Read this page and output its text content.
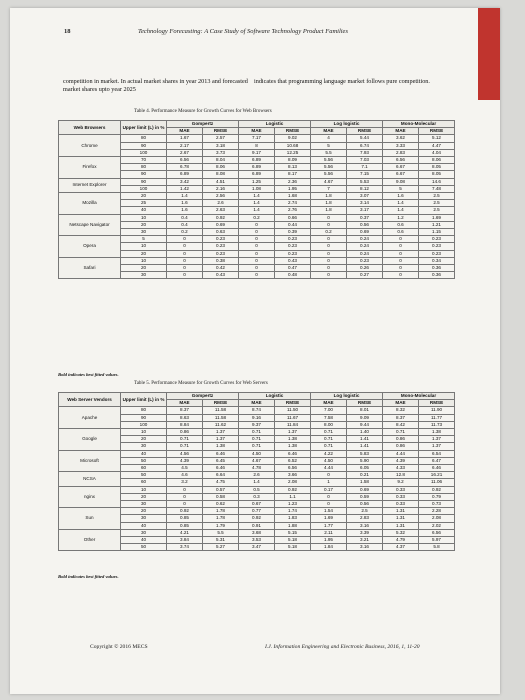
18	Technology Forecasting: A Case Study of Software Technology Product Families
competition in market. In actual market shares in year 2013 and forecasted market shares upto year 2025
indicates that programming language market follows pure competition.
Table 4. Performance Measure for Growth Curves for Web Browsers
Web Browsers	Upper limit (L) in %	Gompertz		Logistic		Log logistic		Mono-Molecular	
		MAE	RMSE	MAE	RMSE	MAE	RMSE	MAE	RMSE
Chrome	80	1.67	2.57	7.17	9.02	4	5.44	3.62	5.12
	90	2.17	3.18	8	10.68	5	6.74	3.33	4.47
	100	2.67	3.73	9.17	12.25	5.5	7.93	2.83	4.04
Firefox	70	6.56	8.04	6.89	8.09	5.56	7.03	6.56	8.06
	80	6.78	8.06	6.89	8.13	5.56	7.1	6.67	8.05
	90	6.89	8.08	6.89	8.17	5.56	7.15	6.67	8.05
Internet Explorer	90	3.42	4.51	1.25	2.36	4.67	5.53	9.08	14.6
	100	1.42	2.16	1.08	1.95	7	8.12	5	7.48
Mozilla	20	1.4	2.56	1.4	1.68	1.8	3.07	1.6	2.5
	25	1.6	2.6	1.4	2.74	1.8	3.14	1.4	2.5
	40	1.6	2.63	1.4	2.76	1.8	3.17	1.4	2.5
Netscape Navigator	10	0.4	0.92	0.2	0.66	0	0.37	1.2	1.69
	20	0.4	0.69	0	0.44	0	0.56	0.6	1.21
	30	0.2	0.63	0	0.39	0.2	0.69	0.6	1.15
Opera	5	0	0.23	0	0.23	0	0.24	0	0.23
	10	0	0.23	0	0.23	0	0.24	0	0.23
	20	0	0.23	0	0.23	0	0.24	0	0.23
Safari	10	0	0.38	0	0.43	0	0.23	0	0.34
	20	0	0.42	0	0.47	0	0.26	0	0.36
	30	0	0.43	0	0.48	0	0.27	0	0.36
Bold indicates best fitted values.
Table 5. Performance Measure for Growth Curves for Web Servers
Web Server Vendors	Upper limit (L) in %	Gompertz		Logistic		Log logistic		Mono-Molecular	
		MAE	RMSE	MAE	RMSE	MAE	RMSE	MAE	RMSE
Apache	80	8.37	11.58	8.74	11.50	7.00	8.01	8.32	11.90
	90	8.63	11.58	9.16	11.67	7.58	9.09	8.37	11.77
	100	8.84	11.62	9.37	11.84	8.00	9.44	8.42	11.73
Google	10	0.86	1.37	0.71	1.37	0.71	1.40	0.71	1.38
	20	0.71	1.37	0.71	1.38	0.71	1.41	0.86	1.37
	30	0.71	1.38	0.71	1.38	0.71	1.41	0.86	1.37
Microsoft	40	4.56	6.46	4.50	6.46	4.22	5.83	4.44	6.54
	50	4.39	6.45	4.67	6.52	4.50	5.90	4.39	6.47
	60	4.5	6.46	4.78	6.56	4.44	6.05	4.33	6.46
NCSA	50	4.6	6.64	2.6	3.66	0	0.21	12.8	16.21
	60	3.2	4.75	1.4	2.08	1	1.58	9.2	11.06
nginx	10	0	0.57	0.5	0.92	0.17	0.69	0.33	0.92
	20	0	0.58	0.3	1.1	0	0.59	0.33	0.79
	30	0	0.62	0.67	1.23	0	0.56	0.33	0.73
Sun	20	0.92	1.78	0.77	1.74	1.54	2.5	1.31	2.28
	30	0.85	1.78	0.92	1.83	1.69	2.83	1.31	2.08
	40	0.85	1.79	0.91	1.88	1.77	3.16	1.31	2.02
Other	30	4.21	5.5	3.68	5.15	2.11	3.39	5.32	6.56
	40	3.84	5.31	3.53	5.18	1.95	3.21	4.79	5.97
	50	3.74	5.27	3.47	5.18	1.84	3.16	4.37	5.8
Bold indicates best fitted values.
Copyright © 2016 MECS	I.J. Information Engineering and Electronic Business, 2016, 1, 11-20
